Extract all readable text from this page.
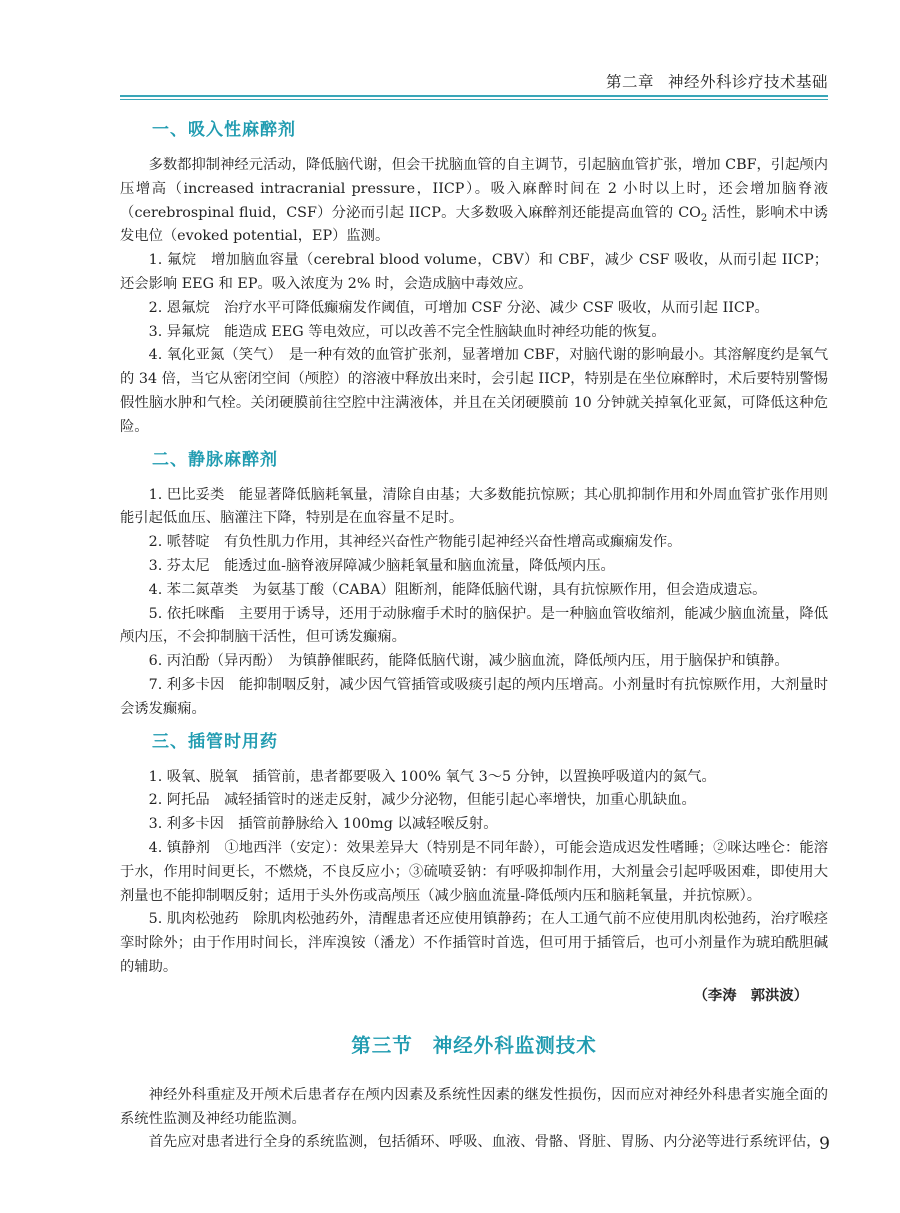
第二章 神经外科诊疗技术基础
一、吸入性麻醉剂

多数都抑制神经元活动，降低脑代谢，但会干扰脑血管的自主调节，引起脑血管扩张，增加 CBF，引起颅内压增高（increased intracranial pressure，IICP）。吸入麻醉时间在 2 小时以上时，还会增加脑脊液（cerebrospinal fluid，CSF）分泌而引起 IICP。大多数吸入麻醉剂还能提高血管的 $CO_2$ 活性，影响术中诱发电位（evoked potential，EP）监测。

1. 氟烷　增加脑血容量（cerebral blood volume，CBV）和 CBF，减少 CSF 吸收，从而引起 IICP；还会影响 EEG 和 EP。吸入浓度为 2% 时，会造成脑中毒效应。

2. 恩氟烷　治疗水平可降低癫痫发作阈值，可增加 CSF 分泌、减少 CSF 吸收，从而引起 IICP。

3. 异氟烷　能造成 EEG 等电效应，可以改善不完全性脑缺血时神经功能的恢复。

4. 氧化亚氮（笑气）　是一种有效的血管扩张剂，显著增加 CBF，对脑代谢的影响最小。其溶解度约是氧气的 34 倍，当它从密闭空间（颅腔）的溶液中释放出来时，会引起 IICP，特别是在坐位麻醉时，术后要特别警惕假性脑水肿和气栓。关闭硬膜前往空腔中注满液体，并且在关闭硬膜前 10 分钟就关掉氧化亚氮，可降低这种危险。

二、静脉麻醉剂

1. 巴比妥类　能显著降低脑耗氧量，清除自由基；大多数能抗惊厥；其心肌抑制作用和外周血管扩张作用则能引起低血压、脑灌注下降，特别是在血容量不足时。

2. 哌替啶　有负性肌力作用，其神经兴奋性产物能引起神经兴奋性增高或癫痫发作。

3. 芬太尼　能透过血-脑脊液屏障减少脑耗氧量和脑血流量，降低颅内压。

4. 苯二氮䓬类　为氨基丁酸（CABA）阻断剂，能降低脑代谢，具有抗惊厥作用，但会造成遗忘。

5. 依托咪酯　主要用于诱导，还用于动脉瘤手术时的脑保护。是一种脑血管收缩剂，能减少脑血流量，降低颅内压，不会抑制脑干活性，但可诱发癫痫。

6. 丙泊酚（异丙酚）　为镇静催眠药，能降低脑代谢，减少脑血流，降低颅内压，用于脑保护和镇静。

7. 利多卡因　能抑制咽反射，减少因气管插管或吸痰引起的颅内压增高。小剂量时有抗惊厥作用，大剂量时会诱发癫痫。

三、插管时用药

1. 吸氧、脱氧　插管前，患者都要吸入 100% 氧气 3～5 分钟，以置换呼吸道内的氮气。

2. 阿托品　减轻插管时的迷走反射，减少分泌物，但能引起心率增快，加重心肌缺血。

3. 利多卡因　插管前静脉给入 100mg 以减轻喉反射。

4. 镇静剂　①地西泮（安定）：效果差异大（特别是不同年龄），可能会造成迟发性嗜睡；②咪达唑仑：能溶于水，作用时间更长，不燃烧，不良反应小；③硫喷妥钠：有呼吸抑制作用，大剂量会引起呼吸困难，即使用大剂量也不能抑制咽反射；适用于头外伤或高颅压（减少脑血流量-降低颅内压和脑耗氧量，并抗惊厥）。

5. 肌肉松弛药　除肌肉松弛药外，清醒患者还应使用镇静药；在人工通气前不应使用肌肉松弛药，治疗喉痉挛时除外；由于作用时间长，泮库溴铵（潘龙）不作插管时首选，但可用于插管后，也可小剂量作为琥珀酰胆碱的辅助。

（李涛　郭洪波）
第三节 神经外科监测技术

神经外科重症及开颅术后患者存在颅内因素及系统性因素的继发性损伤，因而应对神经外科患者实施全面的系统性监测及神经功能监测。

首先应对患者进行全身的系统监测，包括循环、呼吸、血液、骨骼、肾脏、胃肠、内分泌等进行系统评估，

9
